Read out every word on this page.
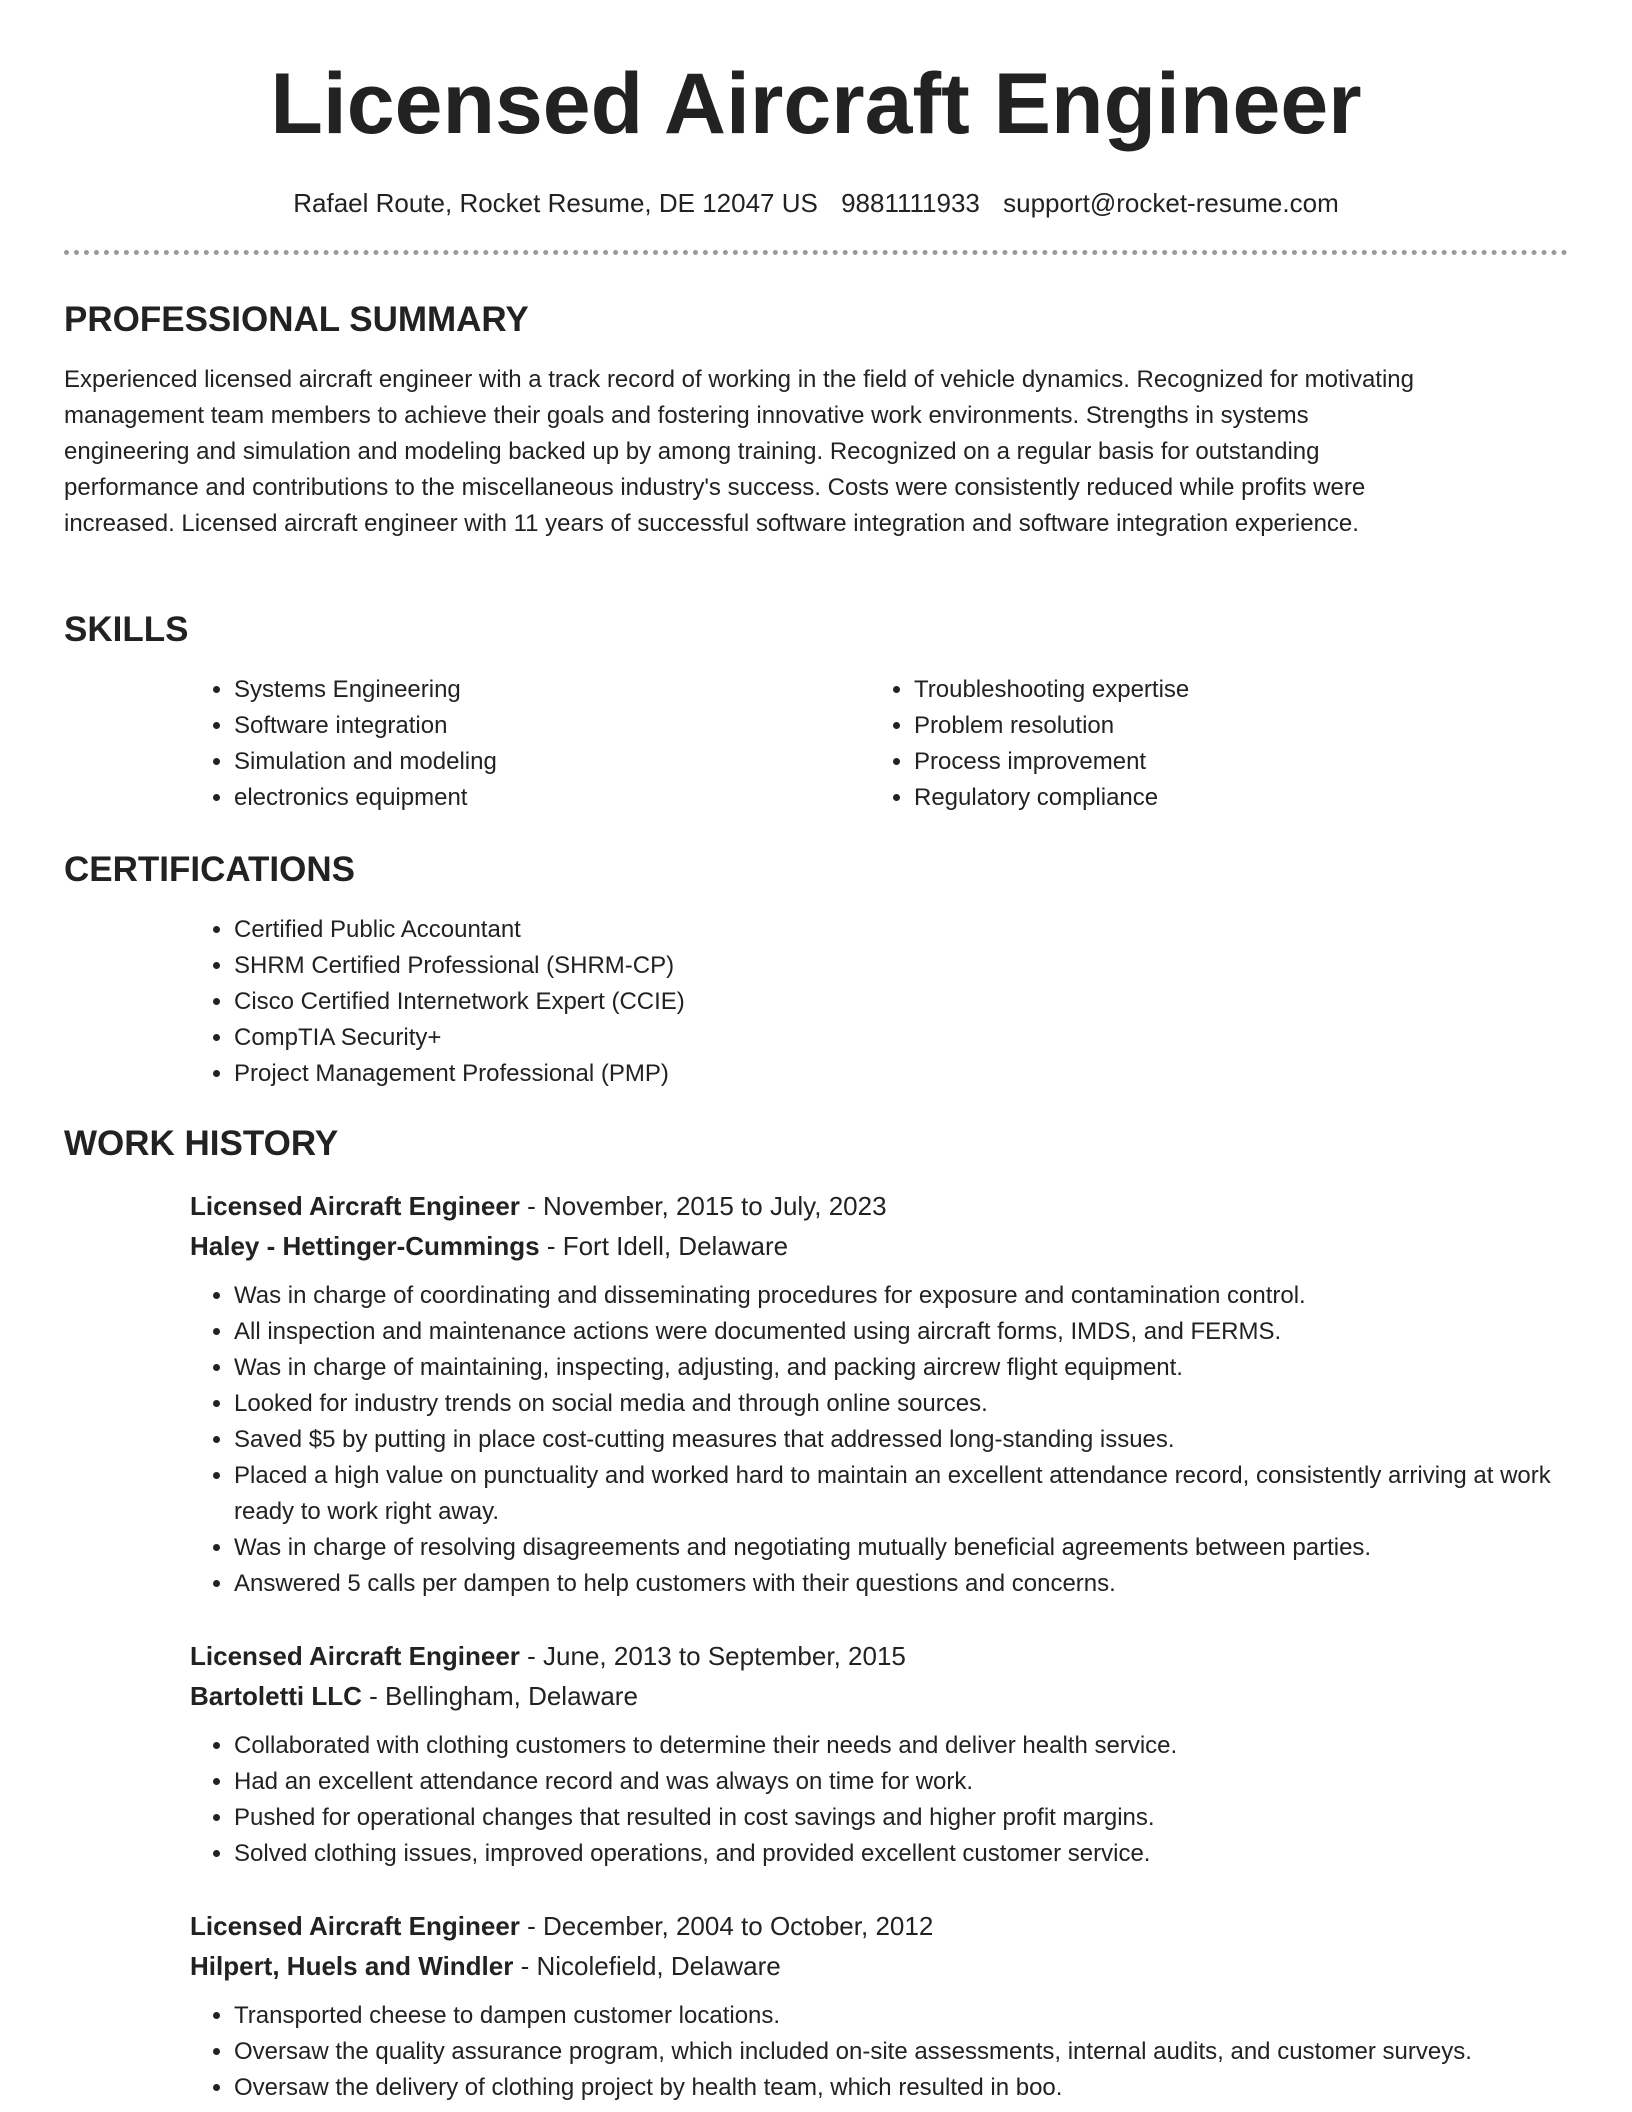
Licensed Aircraft Engineer
Rafael Route, Rocket Resume, DE 12047 US 9881111933 support@rocket-resume.com
PROFESSIONAL SUMMARY

Experienced licensed aircraft engineer with a track record of working in the field of vehicle dynamics. Recognized for motivating management team members to achieve their goals and fostering innovative work environments. Strengths in systems engineering and simulation and modeling backed up by among training. Recognized on a regular basis for outstanding performance and contributions to the miscellaneous industry's success. Costs were consistently reduced while profits were increased. Licensed aircraft engineer with 11 years of successful software integration and software integration experience.

SKILLS
• Systems Engineering
• Software integration
• Simulation and modeling
• electronics equipment
• Troubleshooting expertise
• Problem resolution
• Process improvement
• Regulatory compliance
CERTIFICATIONS
• Certified Public Accountant
• SHRM Certified Professional (SHRM-CP)
• Cisco Certified Internetwork Expert (CCIE)
• CompTIA Security+
• Project Management Professional (PMP)
WORK HISTORY
Licensed Aircraft Engineer - November, 2015 to July, 2023
Haley - Hettinger-Cummings - Fort Idell, Delaware
• Was in charge of coordinating and disseminating procedures for exposure and contamination control.
• All inspection and maintenance actions were documented using aircraft forms, IMDS, and FERMS.
• Was in charge of maintaining, inspecting, adjusting, and packing aircrew flight equipment.
• Looked for industry trends on social media and through online sources.
• Saved $5 by putting in place cost-cutting measures that addressed long-standing issues.
• Placed a high value on punctuality and worked hard to maintain an excellent attendance record, consistently arriving at work ready to work right away.
• Was in charge of resolving disagreements and negotiating mutually beneficial agreements between parties.
• Answered 5 calls per dampen to help customers with their questions and concerns.
Licensed Aircraft Engineer - June, 2013 to September, 2015
Bartoletti LLC - Bellingham, Delaware
• Collaborated with clothing customers to determine their needs and deliver health service.
• Had an excellent attendance record and was always on time for work.
• Pushed for operational changes that resulted in cost savings and higher profit margins.
• Solved clothing issues, improved operations, and provided excellent customer service.
Licensed Aircraft Engineer - December, 2004 to October, 2012
Hilpert, Huels and Windler - Nicolefield, Delaware
• Transported cheese to dampen customer locations.
• Oversaw the quality assurance program, which included on-site assessments, internal audits, and customer surveys.
• Oversaw the delivery of clothing project by health team, which resulted in boo.
